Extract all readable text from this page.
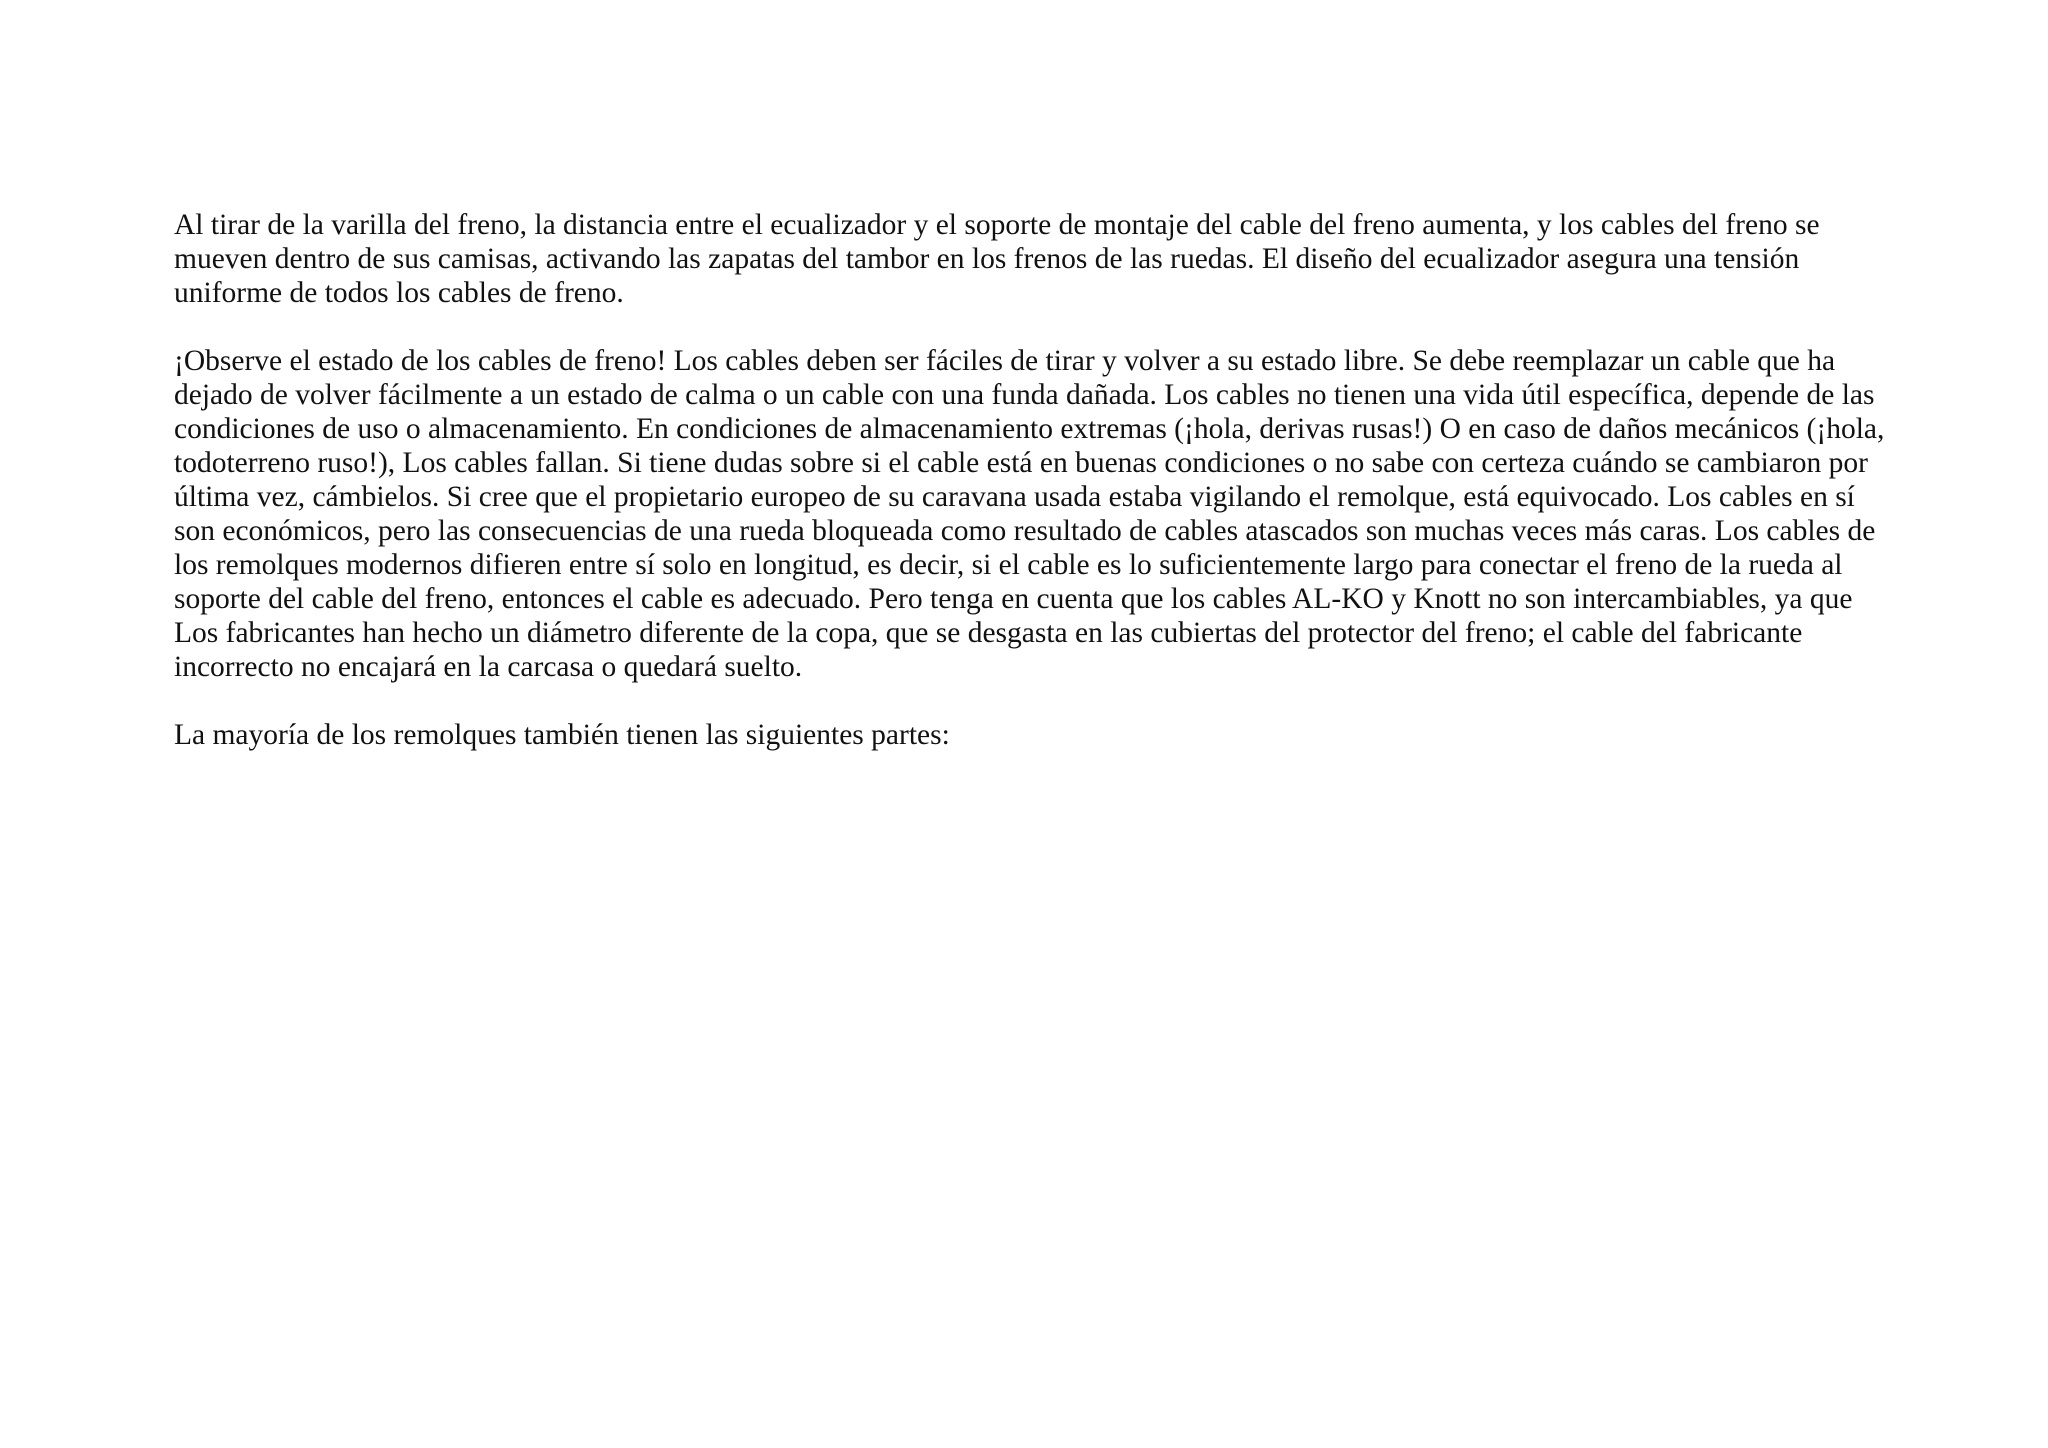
Al tirar de la varilla del freno, la distancia entre el ecualizador y el soporte de montaje del cable del freno aumenta, y los cables del freno se
mueven dentro de sus camisas, activando las zapatas del tambor en los frenos de las ruedas. El diseño del ecualizador asegura una tensión
uniforme de todos los cables de freno.

¡Observe el estado de los cables de freno! Los cables deben ser fáciles de tirar y volver a su estado libre. Se debe reemplazar un cable que ha
dejado de volver fácilmente a un estado de calma o un cable con una funda dañada. Los cables no tienen una vida útil específica, depende de las
condiciones de uso o almacenamiento. En condiciones de almacenamiento extremas (¡hola, derivas rusas!) O en caso de daños mecánicos (¡hola,
todoterreno ruso!), Los cables fallan. Si tiene dudas sobre si el cable está en buenas condiciones o no sabe con certeza cuándo se cambiaron por
última vez, cámbielos. Si cree que el propietario europeo de su caravana usada estaba vigilando el remolque, está equivocado. Los cables en sí
son económicos, pero las consecuencias de una rueda bloqueada como resultado de cables atascados son muchas veces más caras. Los cables de
los remolques modernos difieren entre sí solo en longitud, es decir, si el cable es lo suficientemente largo para conectar el freno de la rueda al
soporte del cable del freno, entonces el cable es adecuado. Pero tenga en cuenta que los cables AL-KO y Knott no son intercambiables, ya que
Los fabricantes han hecho un diámetro diferente de la copa, que se desgasta en las cubiertas del protector del freno; el cable del fabricante
incorrecto no encajará en la carcasa o quedará suelto.

La mayoría de los remolques también tienen las siguientes partes:
